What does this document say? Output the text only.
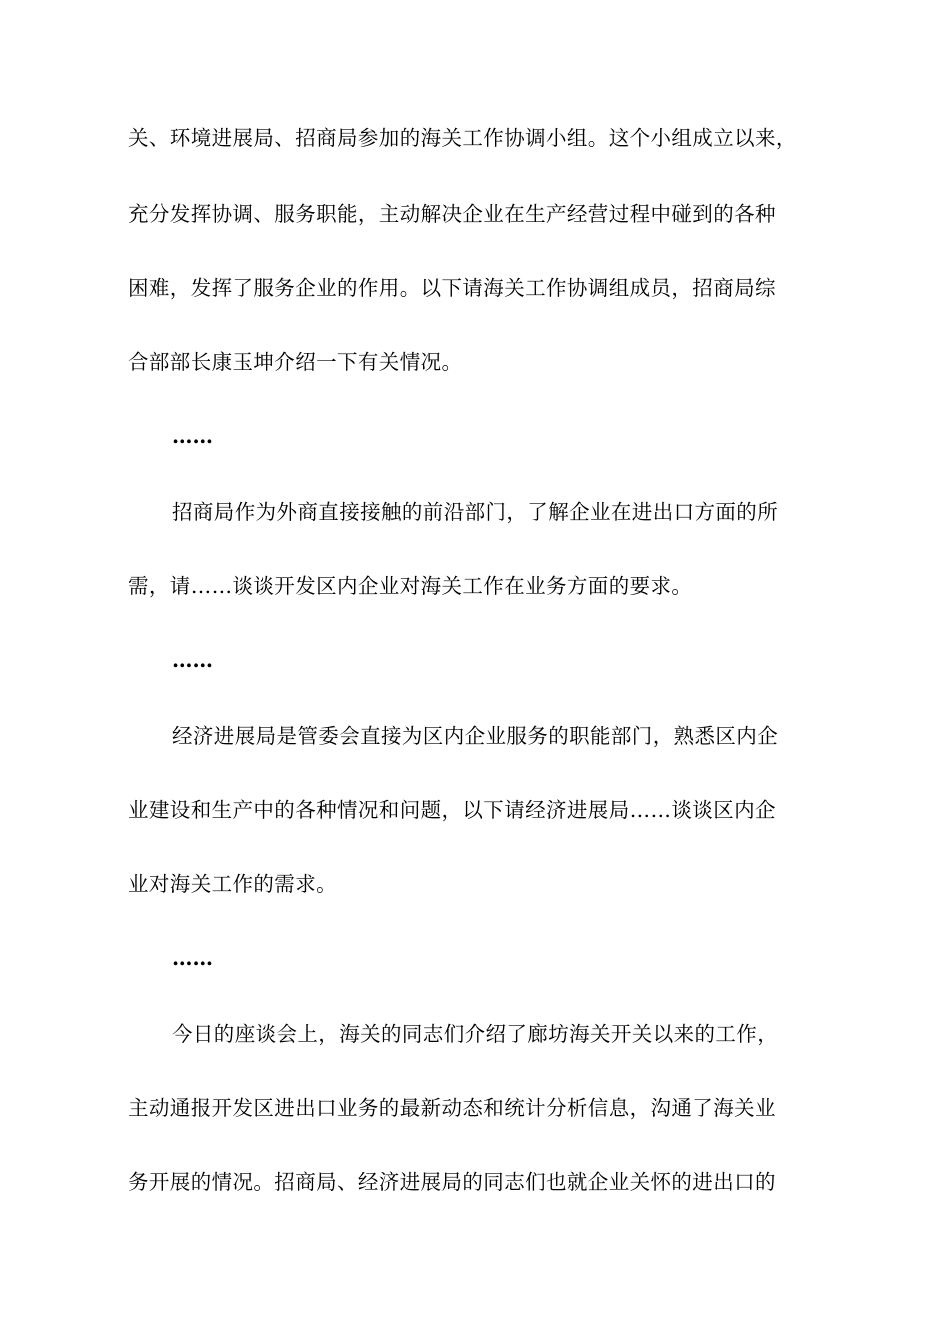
关、环境进展局、招商局参加的海关工作协调小组。这个小组成立以来，
充分发挥协调、服务职能，主动解决企业在生产经营过程中碰到的各种
困难，发挥了服务企业的作用。以下请海关工作协调组成员，招商局综
合部部长康玉坤介绍一下有关情况。
……
招商局作为外商直接接触的前沿部门，了解企业在进出口方面的所
需，请……谈谈开发区内企业对海关工作在业务方面的要求。
……
经济进展局是管委会直接为区内企业服务的职能部门，熟悉区内企
业建设和生产中的各种情况和问题，以下请经济进展局……谈谈区内企
业对海关工作的需求。
……
今日的座谈会上，海关的同志们介绍了廊坊海关开关以来的工作，
主动通报开发区进出口业务的最新动态和统计分析信息，沟通了海关业
务开展的情况。招商局、经济进展局的同志们也就企业关怀的进出口的
